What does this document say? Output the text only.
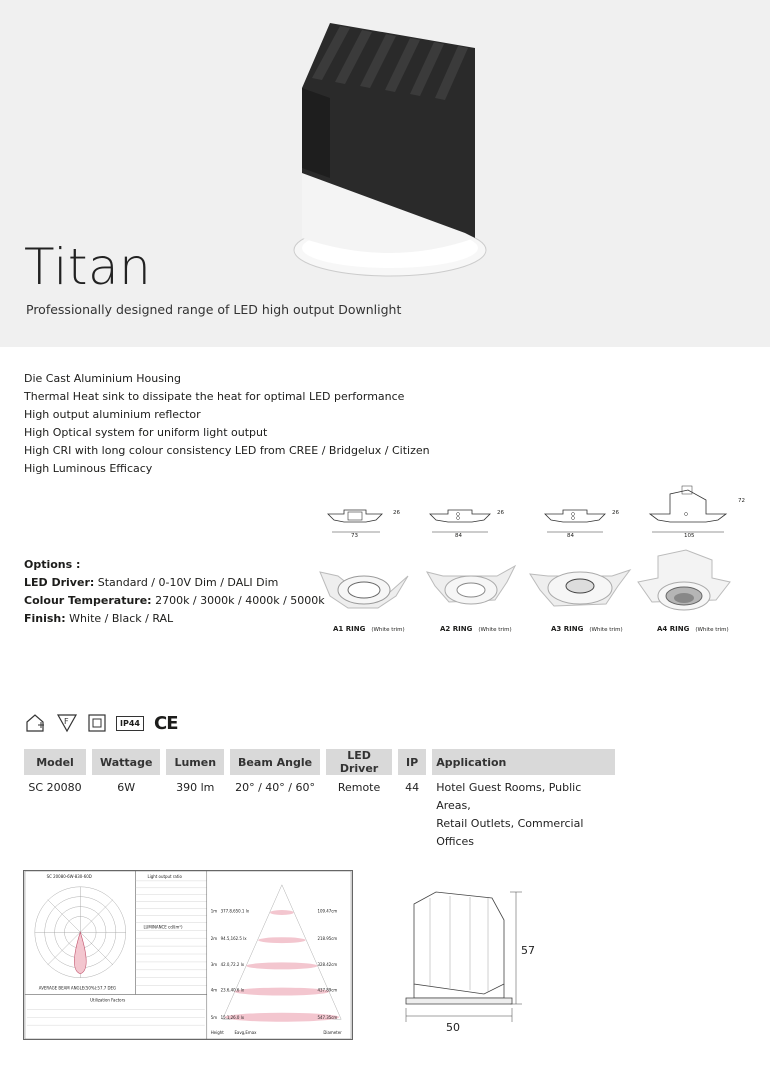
Titan
Professionally designed range of LED high output Downlight
Die Cast Aluminium Housing
Thermal Heat sink to dissipate the heat for optimal LED performance
High output aluminium reflector
High Optical system for uniform light output
High CRI with long colour consistency LED from CREE / Bridgelux / Citizen
High Luminous Efficacy
Options :
LED Driver: Standard / 0-10V Dim / DALI Dim
Colour Temperature: 2700k / 3000k / 4000k / 5000k
Finish: White / Black / RAL
26
73
26
84
26
84
72
105
A1 RING (White trim)	A2 RING (White trim)	A3 RING (White trim)	A4 RING (White trim)
F	IP44 CE
Model	Wattage	Lumen	Beam Angle	LED Driver	IP	Application
SC 20080	6W	390 lm	20° / 40° / 60°	Remote	44	Hotel Guest Rooms, Public Areas,
Retail Outlets, Commercial Offices
SC 20080-6W-830-60D
AVERAGE BEAM ANGLE(50%):57.7 DEG
Light output ratio
LUMINANCE cd/(m²)
1m 377.8,650.1 lx	109.47cm
2m 94.5,162.5 lx	218.95cm
3m 42.0,72.2 lx	328.42cm
4m 23.6,40.6 lx	437.89cm
5m 15.1,26.0 lx	547.35cm
Height	Eavg,Emax	Diameter
Utilization Factors
57
50
